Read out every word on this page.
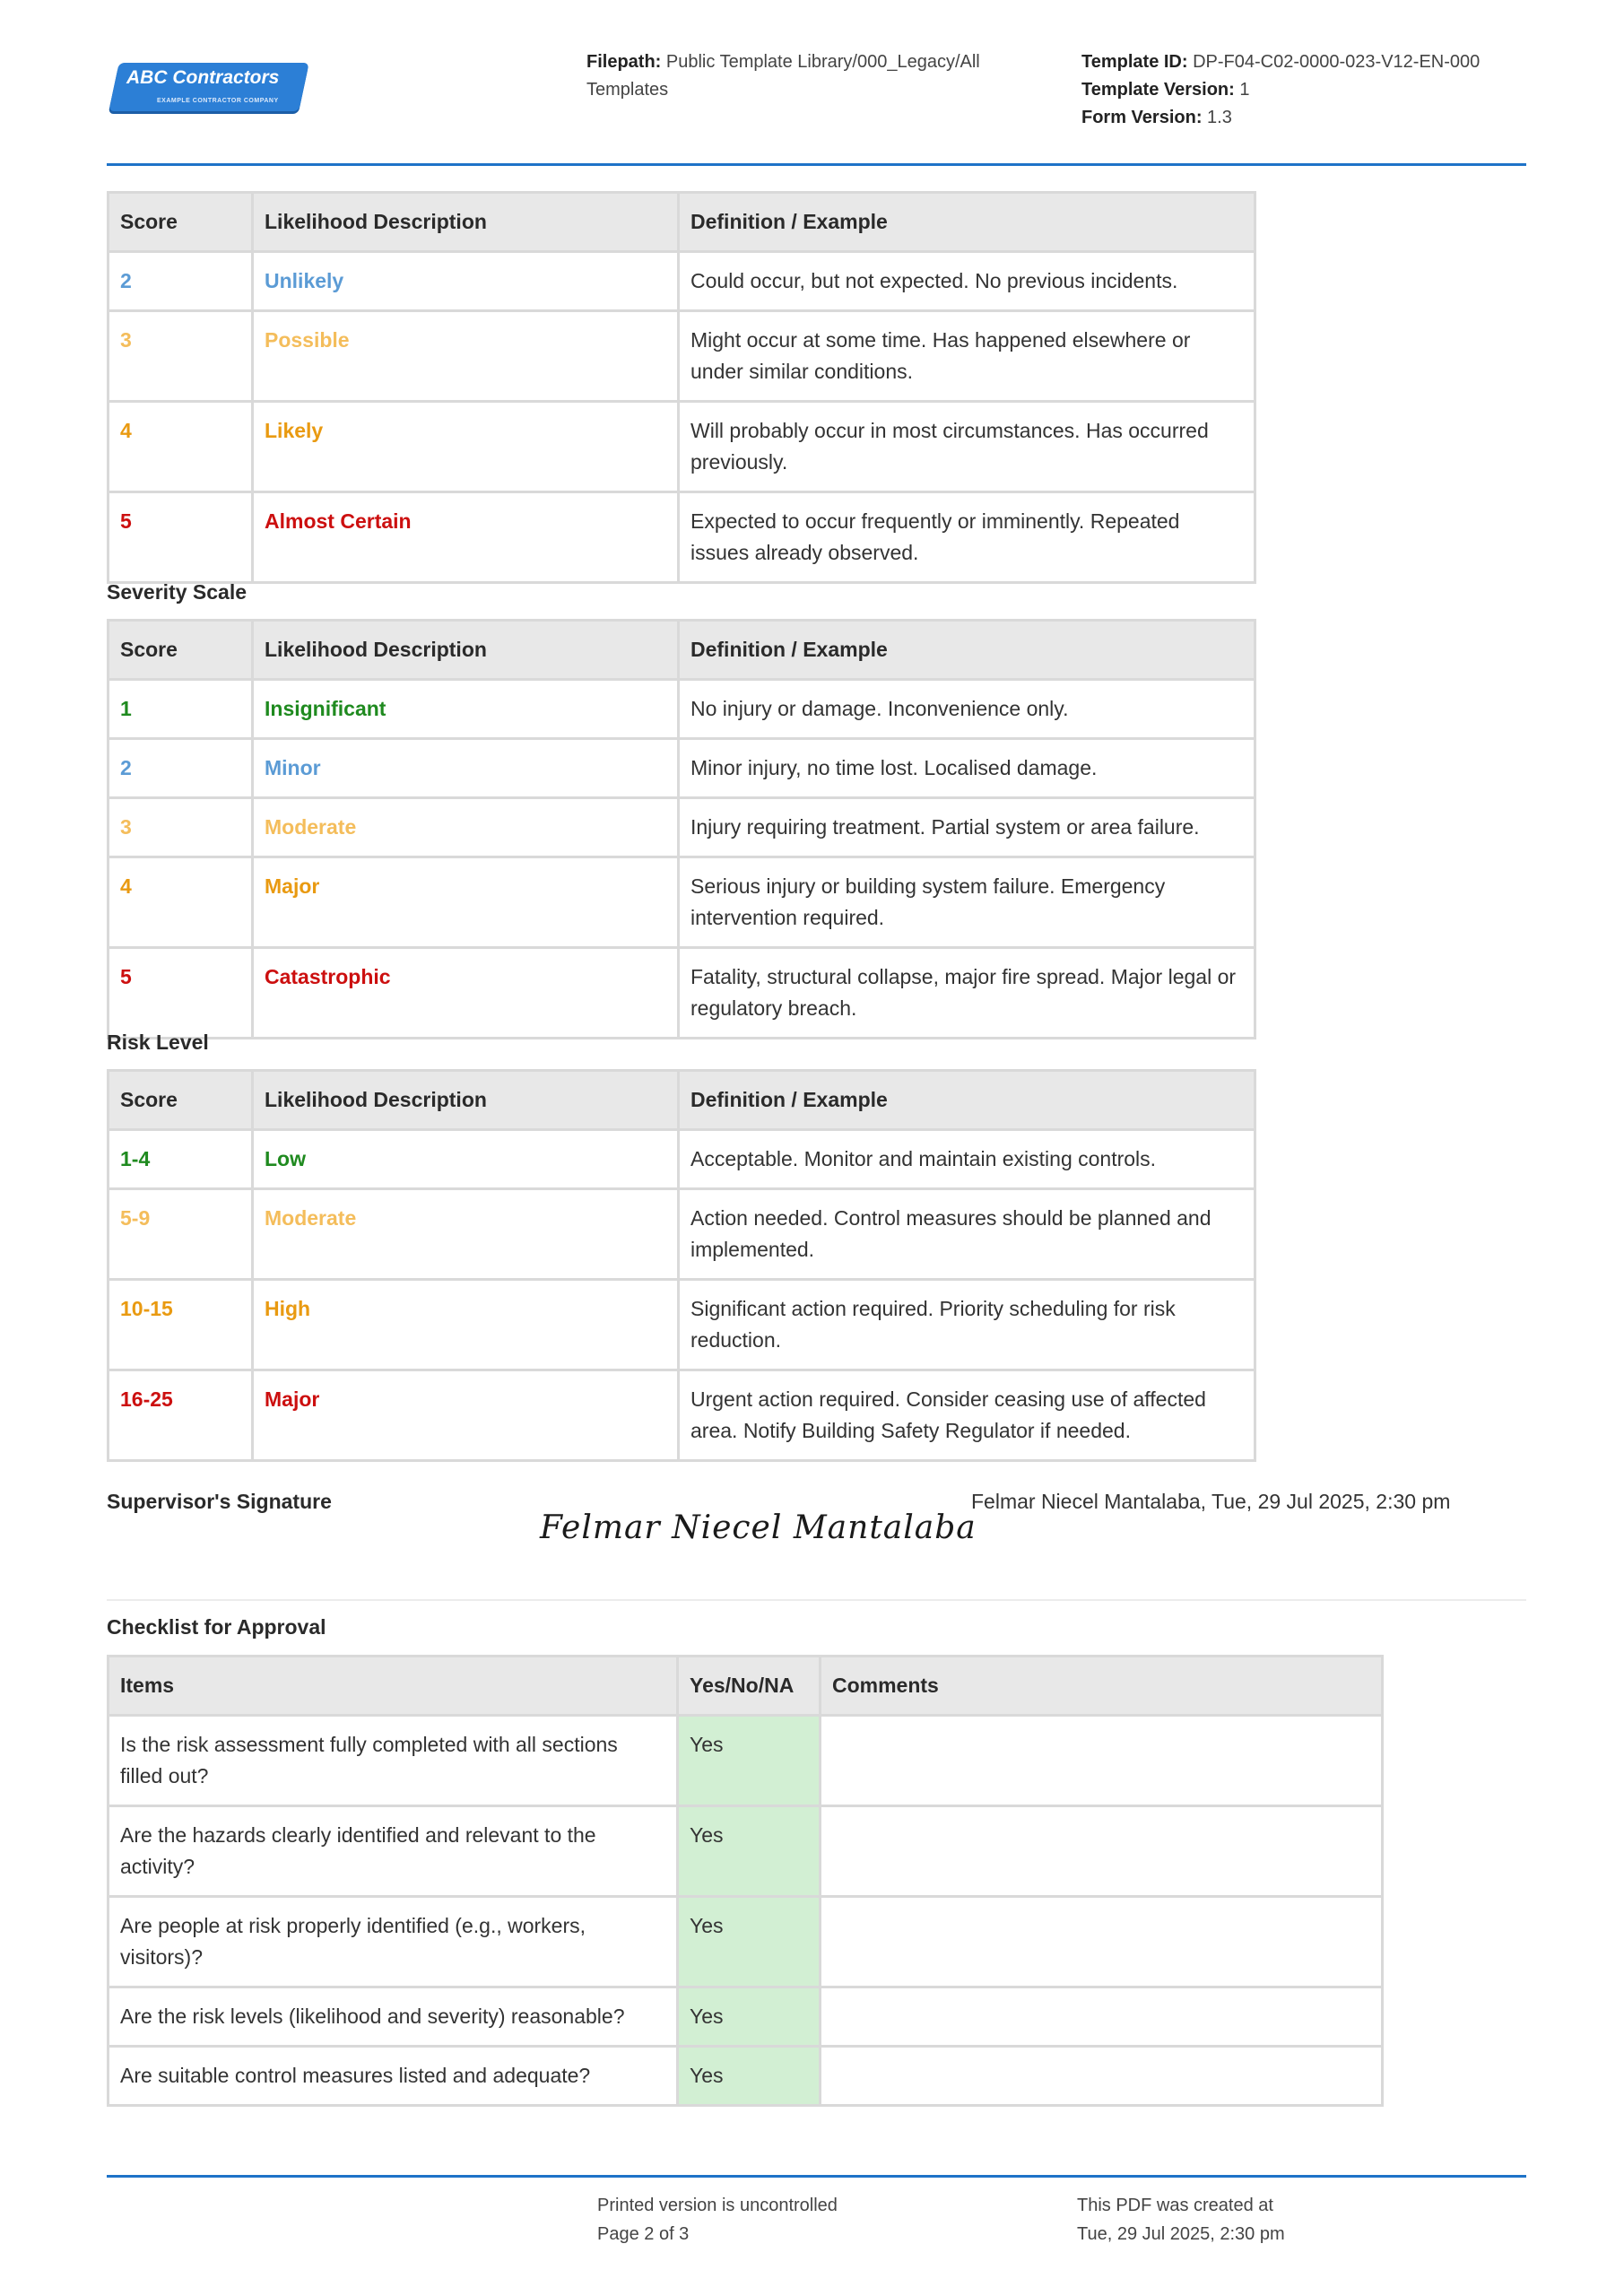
ABC Contractors
EXAMPLE CONTRACTOR COMPANY
Filepath: Public Template Library/000_Legacy/All Templates
Template ID: DP-F04-C02-0000-023-V12-EN-000
Template Version: 1
Form Version: 1.3
Score	Likelihood Description	Definition / Example
2	Unlikely	Could occur, but not expected. No previous incidents.
3	Possible	Might occur at some time. Has happened elsewhere or under similar conditions.
4	Likely	Will probably occur in most circumstances. Has occurred previously.
5	Almost Certain	Expected to occur frequently or imminently. Repeated issues already observed.
Severity Scale
Score	Likelihood Description	Definition / Example
1	Insignificant	No injury or damage. Inconvenience only.
2	Minor	Minor injury, no time lost. Localised damage.
3	Moderate	Injury requiring treatment. Partial system or area failure.
4	Major	Serious injury or building system failure. Emergency intervention required.
5	Catastrophic	Fatality, structural collapse, major fire spread. Major legal or regulatory breach.
Risk Level
Score	Likelihood Description	Definition / Example
1-4	Low	Acceptable. Monitor and maintain existing controls.
5-9	Moderate	Action needed. Control measures should be planned and implemented.
10-15	High	Significant action required. Priority scheduling for risk reduction.
16-25	Major	Urgent action required. Consider ceasing use of affected area. Notify Building Safety Regulator if needed.
Supervisor's Signature
Felmar Niecel Mantalaba
Felmar Niecel Mantalaba, Tue, 29 Jul 2025, 2:30 pm
Checklist for Approval
Items	Yes/No/NA	Comments
Is the risk assessment fully completed with all sections filled out?	Yes	
Are the hazards clearly identified and relevant to the activity?	Yes	
Are people at risk properly identified (e.g., workers, visitors)?	Yes	
Are the risk levels (likelihood and severity) reasonable?	Yes	
Are suitable control measures listed and adequate?	Yes	
Printed version is uncontrolled
Page 2 of 3
This PDF was created at
Tue, 29 Jul 2025, 2:30 pm
